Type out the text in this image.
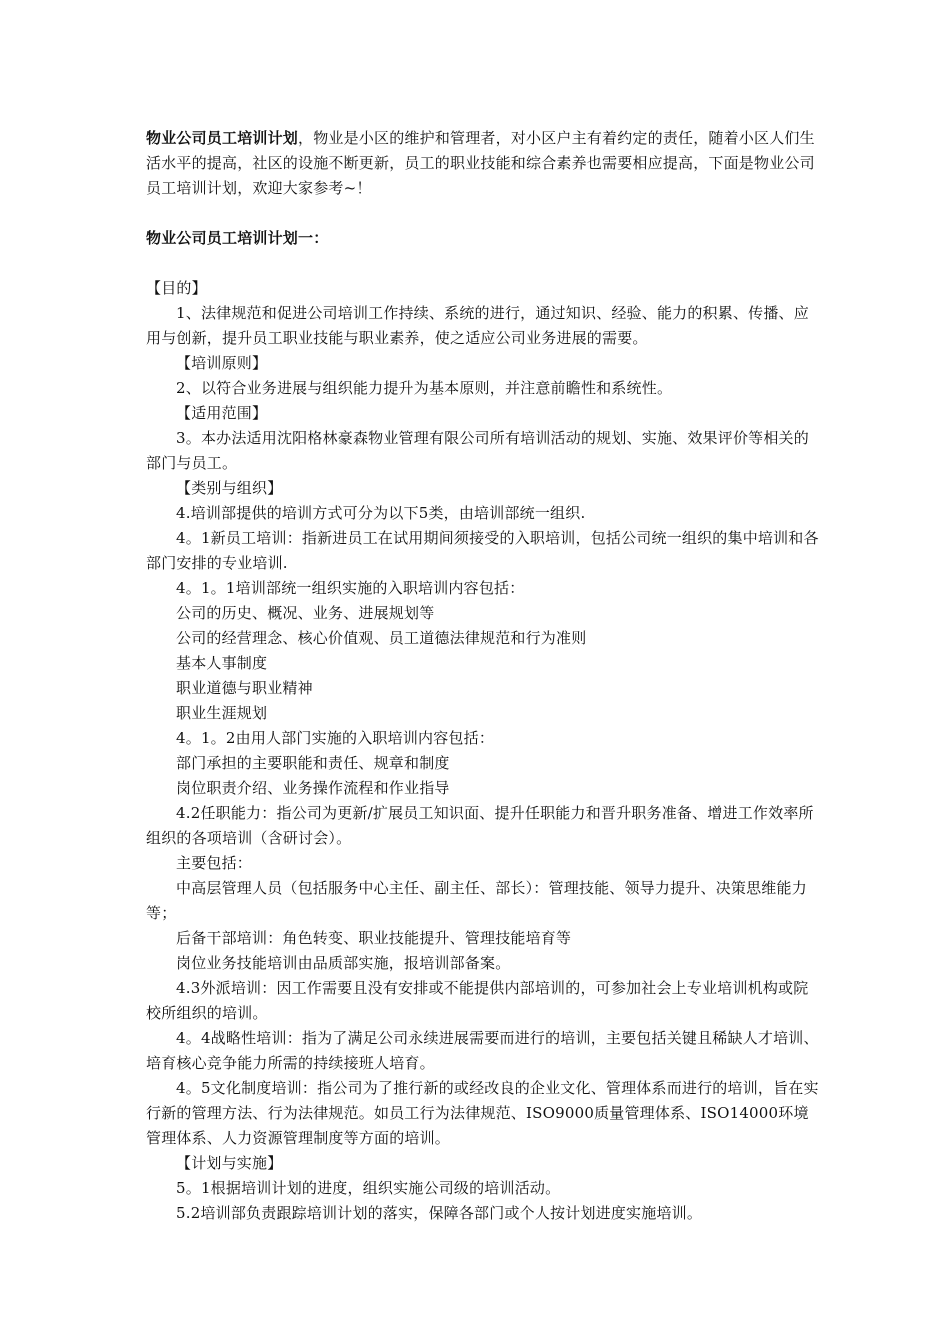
物业公司员工培训计划，物业是小区的维护和管理者，对小区户主有着约定的责任，随着小区人们生活水平的提高，社区的设施不断更新，员工的职业技能和综合素养也需要相应提高，下面是物业公司员工培训计划，欢迎大家参考~！

物业公司员工培训计划一：

【目的】

1、法律规范和促进公司培训工作持续、系统的进行，通过知识、经验、能力的积累、传播、应用与创新，提升员工职业技能与职业素养，使之适应公司业务进展的需要。

【培训原则】

2、以符合业务进展与组织能力提升为基本原则，并注意前瞻性和系统性。

【适用范围】

3。本办法适用沈阳格林豪森物业管理有限公司所有培训活动的规划、实施、效果评价等相关的部门与员工。

【类别与组织】

4.培训部提供的培训方式可分为以下5类，由培训部统一组织.

4。1新员工培训：指新进员工在试用期间须接受的入职培训，包括公司统一组织的集中培训和各部门安排的专业培训.

4。1。1培训部统一组织实施的入职培训内容包括：

公司的历史、概况、业务、进展规划等

公司的经营理念、核心价值观、员工道德法律规范和行为准则

基本人事制度

职业道德与职业精神

职业生涯规划

4。1。2由用人部门实施的入职培训内容包括：

部门承担的主要职能和责任、规章和制度

岗位职责介绍、业务操作流程和作业指导

4.2任职能力：指公司为更新/扩展员工知识面、提升任职能力和晋升职务准备、增进工作效率所组织的各项培训（含研讨会）。

主要包括：

中高层管理人员（包括服务中心主任、副主任、部长）：管理技能、领导力提升、决策思维能力等；

后备干部培训：角色转变、职业技能提升、管理技能培育等

岗位业务技能培训由品质部实施，报培训部备案。

4.3外派培训：因工作需要且没有安排或不能提供内部培训的，可参加社会上专业培训机构或院校所组织的培训。

4。4战略性培训：指为了满足公司永续进展需要而进行的培训，主要包括关键且稀缺人才培训、培育核心竞争能力所需的持续接班人培育。

4。5文化制度培训：指公司为了推行新的或经改良的企业文化、管理体系而进行的培训，旨在实行新的管理方法、行为法律规范。如员工行为法律规范、ISO9000质量管理体系、ISO14000环境管理体系、人力资源管理制度等方面的培训。

【计划与实施】

5。1根据培训计划的进度，组织实施公司级的培训活动。

5.2培训部负责跟踪培训计划的落实，保障各部门或个人按计划进度实施培训。
